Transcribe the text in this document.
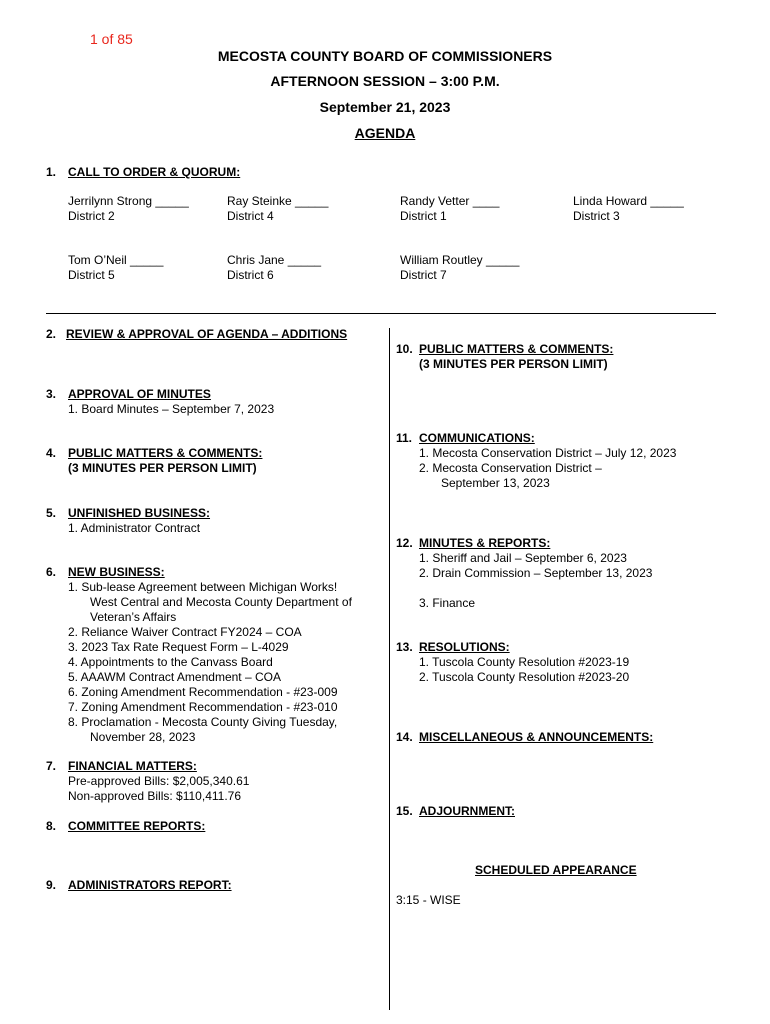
1 of 85
MECOSTA COUNTY BOARD OF COMMISSIONERS
AFTERNOON SESSION – 3:00 P.M.
September 21, 2023
AGENDA
1. CALL TO ORDER & QUORUM:
Jerrilynn Strong _____
District 2
Ray Steinke _____
District 4
Randy Vetter ____
District 1
Linda Howard _____
District 3
Tom O’Neil _____
District 5
Chris Jane _____
District 6
William Routley _____
District 7
2. REVIEW & APPROVAL OF AGENDA – ADDITIONS
3. APPROVAL OF MINUTES
1. Board Minutes – September 7, 2023
4. PUBLIC MATTERS & COMMENTS:
(3 MINUTES PER PERSON LIMIT)
5. UNFINISHED BUSINESS:
1. Administrator Contract
6. NEW BUSINESS:
1. Sub-lease Agreement between Michigan Works!
West Central and Mecosta County Department of
Veteran’s Affairs
2. Reliance Waiver Contract FY2024 – COA
3. 2023 Tax Rate Request Form – L-4029
4. Appointments to the Canvass Board
5. AAAWM Contract Amendment – COA
6. Zoning Amendment Recommendation - #23-009
7. Zoning Amendment Recommendation - #23-010
8. Proclamation - Mecosta County Giving Tuesday,
November 28, 2023
7. FINANCIAL MATTERS:
Pre-approved Bills: $2,005,340.61
Non-approved Bills: $110,411.76
8. COMMITTEE REPORTS:
9. ADMINISTRATORS REPORT:
10. PUBLIC MATTERS & COMMENTS:
(3 MINUTES PER PERSON LIMIT)
11. COMMUNICATIONS:
1. Mecosta Conservation District – July 12, 2023
2. Mecosta Conservation District –
September 13, 2023
12. MINUTES & REPORTS:
1. Sheriff and Jail – September 6, 2023
2. Drain Commission – September 13, 2023
3. Finance
13. RESOLUTIONS:
1. Tuscola County Resolution #2023-19
2. Tuscola County Resolution #2023-20
14. MISCELLANEOUS & ANNOUNCEMENTS:
15. ADJOURNMENT:
SCHEDULED APPEARANCE
3:15 - WISE
